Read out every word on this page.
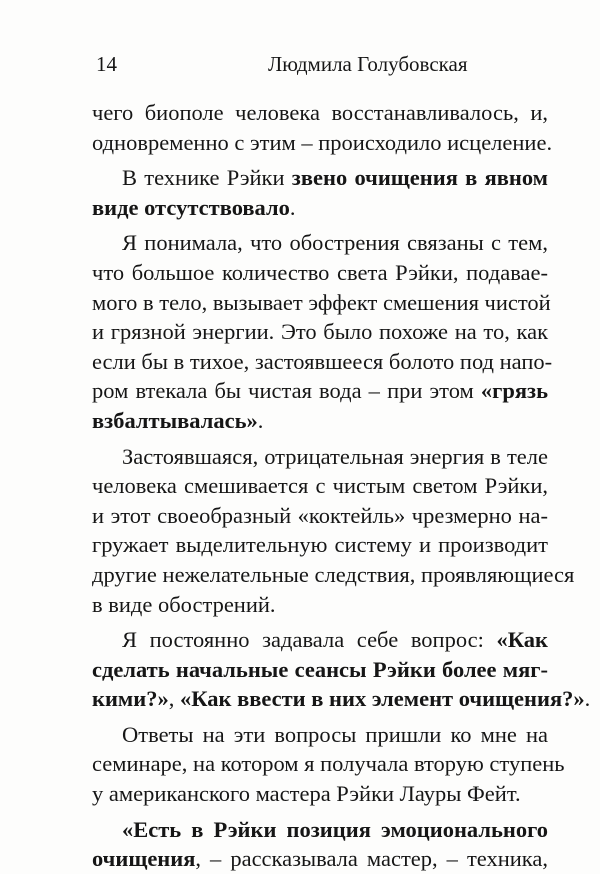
14	Людмила Голубовская
чего биополе человека восстанавливалось, и,
одновременно с этим – происходило исцеление.
В технике Рэйки звено очищения в явном
виде отсутствовало.
Я понимала, что обострения связаны с тем,
что большое количество света Рэйки, подавае-
мого в тело, вызывает эффект смешения чистой
и грязной энергии. Это было похоже на то, как
если бы в тихое, застоявшееся болото под напо-
ром втекала бы чистая вода – при этом «грязь
взбалтывалась».
Застоявшаяся, отрицательная энергия в теле
человека смешивается с чистым светом Рэйки,
и этот своеобразный «коктейль» чрезмерно на-
гружает выделительную систему и производит
другие нежелательные следствия, проявляющиеся
в виде обострений.
Я постоянно задавала себе вопрос: «Как
сделать начальные сеансы Рэйки более мяг-
кими?», «Как ввести в них элемент очищения?».
Ответы на эти вопросы пришли ко мне на
семинаре, на котором я получала вторую ступень
у американского мастера Рэйки Лауры Фейт.
«Есть в Рэйки позиция эмоционального
очищения, – рассказывала мастер, – техника,
